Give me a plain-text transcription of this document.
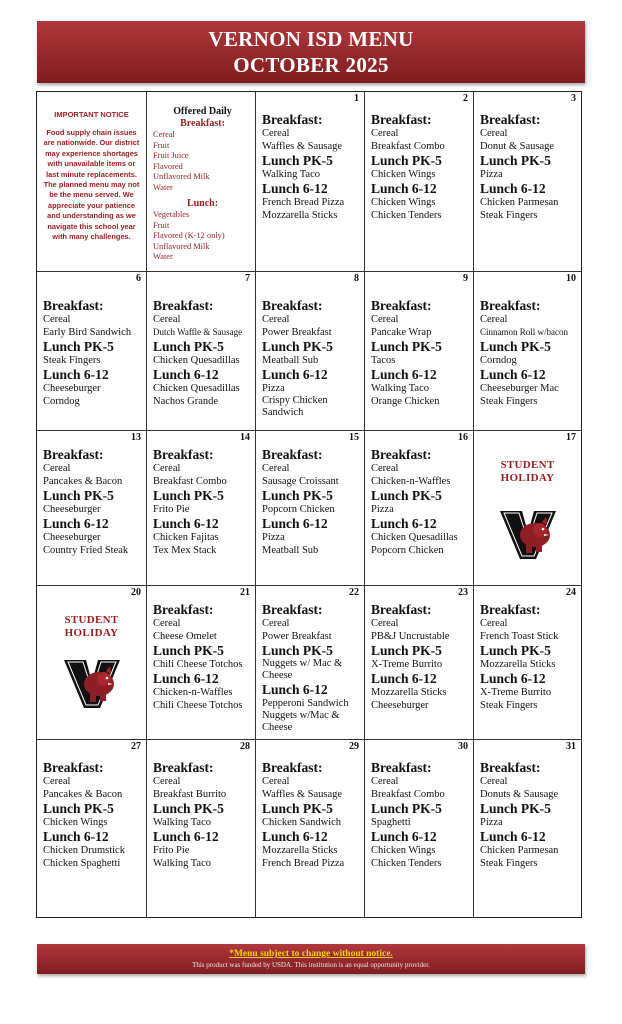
VERNON ISD MENU
OCTOBER 2025
IMPORTANT NOTICE
Food supply chain issues are nationwide. Our district may experience shortages with unavailable items or last minute replacements. The planned menu may not be the menu served. We appreciate your patience and understanding as we navigate this school year with many challenges.
Offered Daily
Breakfast:
Cereal
Fruit
Fruit Juice
Flavored
Unflavored Milk
Water
Lunch:
Vegetables
Fruit
Flavored (K-12 only)
Unflavored Milk
Water
1
Breakfast:
Cereal
Waffles & Sausage
Lunch PK-5
Walking Taco
Lunch 6-12
French Bread Pizza
Mozzarella Sticks
2
Breakfast:
Cereal
Breakfast Combo
Lunch PK-5
Chicken Wings
Lunch 6-12
Chicken Wings
Chicken Tenders
3
Breakfast:
Cereal
Donut & Sausage
Lunch PK-5
Pizza
Lunch 6-12
Chicken Parmesan
Steak Fingers
6
Breakfast:
Cereal
Early Bird Sandwich
Lunch PK-5
Steak Fingers
Lunch 6-12
Cheeseburger
Corndog
7
Breakfast:
Cereal
Dutch Waffle & Sausage
Lunch PK-5
Chicken Quesadillas
Lunch 6-12
Chicken Quesadillas
Nachos Grande
8
Breakfast:
Cereal
Power Breakfast
Lunch PK-5
Meatball Sub
Lunch 6-12
Pizza
Crispy Chicken Sandwich
9
Breakfast:
Cereal
Pancake Wrap
Lunch PK-5
Tacos
Lunch 6-12
Walking Taco
Orange Chicken
10
Breakfast:
Cereal
Cinnamon Roll w/bacon
Lunch PK-5
Corndog
Lunch 6-12
Cheeseburger Mac
Steak Fingers
13
Breakfast:
Cereal
Pancakes & Bacon
Lunch PK-5
Cheeseburger
Lunch 6-12
Cheeseburger
Country Fried Steak
14
Breakfast:
Cereal
Breakfast Combo
Lunch PK-5
Frito Pie
Lunch 6-12
Chicken Fajitas
Tex Mex Stack
15
Breakfast:
Cereal
Sausage Croissant
Lunch PK-5
Popcorn Chicken
Lunch 6-12
Pizza
Meatball Sub
16
Breakfast:
Cereal
Chicken-n-Waffles
Lunch PK-5
Pizza
Lunch 6-12
Chicken Quesadillas
Popcorn Chicken
17
STUDENT HOLIDAY
20
STUDENT HOLIDAY
21
Breakfast:
Cereal
Cheese Omelet
Lunch PK-5
Chili Cheese Totchos
Lunch 6-12
Chicken-n-Waffles
Chili Cheese Totchos
22
Breakfast:
Cereal
Power Breakfast
Lunch PK-5
Nuggets w/ Mac & Cheese
Lunch 6-12
Pepperoni Sandwich
Nuggets w/Mac & Cheese
23
Breakfast:
Cereal
PB&J Uncrustable
Lunch PK-5
X-Treme Burrito
Lunch 6-12
Mozzarella Sticks
Cheeseburger
24
Breakfast:
Cereal
French Toast Stick
Lunch PK-5
Mozzarella Sticks
Lunch 6-12
X-Treme Burrito
Steak Fingers
27
Breakfast:
Cereal
Pancakes & Bacon
Lunch PK-5
Chicken Wings
Lunch 6-12
Chicken Drumstick
Chicken Spaghetti
28
Breakfast:
Cereal
Breakfast Burrito
Lunch PK-5
Walking Taco
Lunch 6-12
Frito Pie
Walking Taco
29
Breakfast:
Cereal
Waffles & Sausage
Lunch PK-5
Chicken Sandwich
Lunch 6-12
Mozzarella Sticks
French Bread Pizza
30
Breakfast:
Cereal
Breakfast Combo
Lunch PK-5
Spaghetti
Lunch 6-12
Chicken Wings
Chicken Tenders
31
Breakfast:
Cereal
Donuts & Sausage
Lunch PK-5
Pizza
Lunch 6-12
Chicken Parmesan
Steak Fingers
*Menu subject to change without notice.
This product was funded by USDA. This institution is an equal opportunity provider.
